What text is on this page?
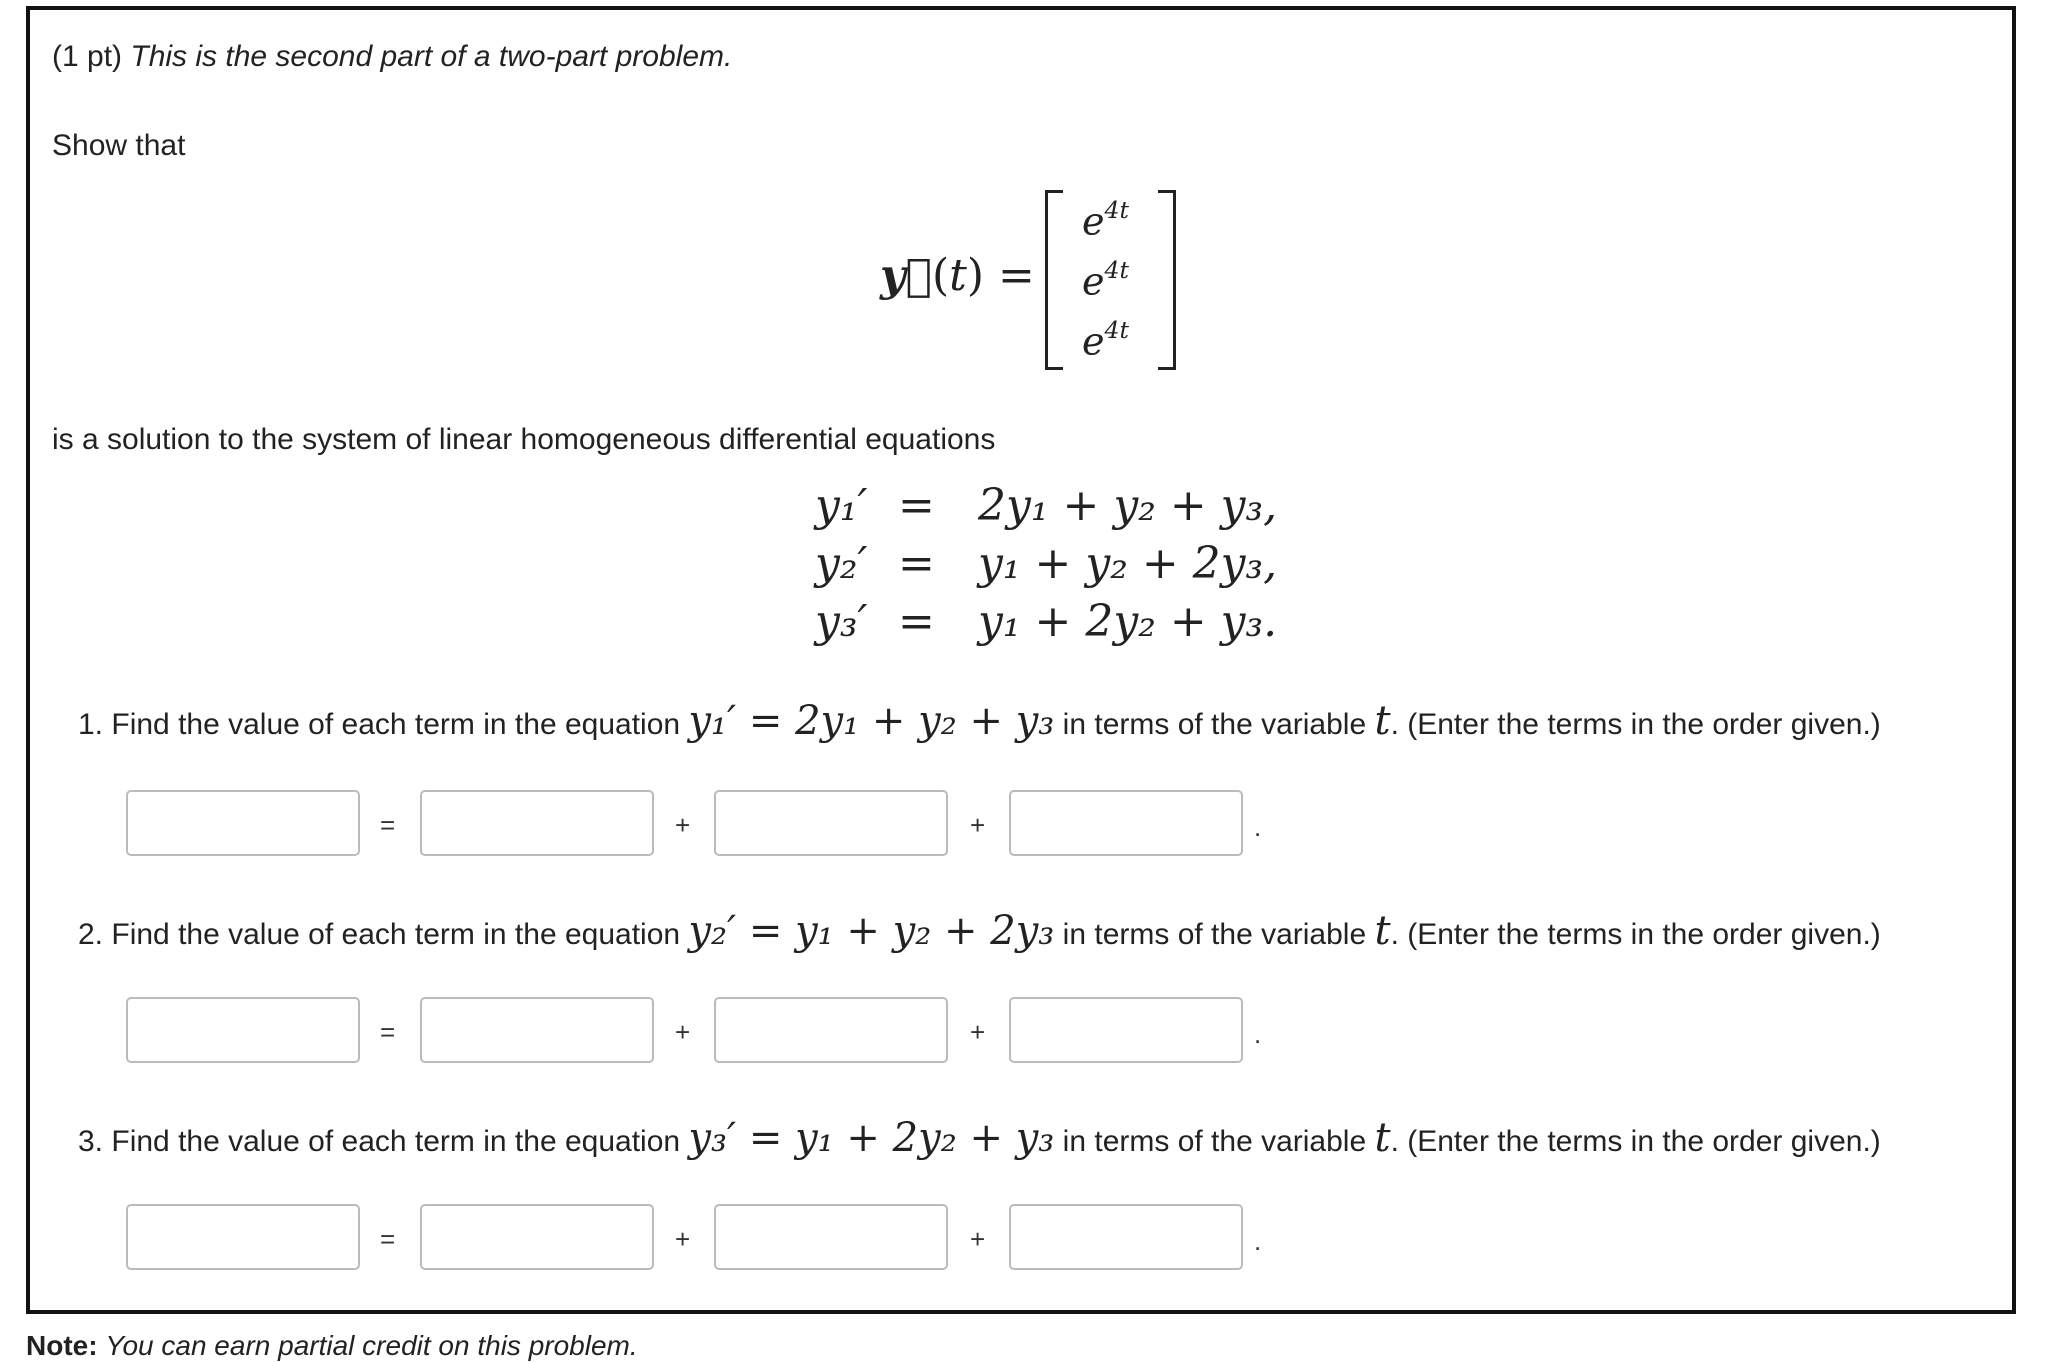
(1 pt) This is the second part of a two-part problem.
Show that
y⃗(t) =
$e^{4t}$
$e^{4t}$
$e^{4t}$
is a solution to the system of linear homogeneous differential equations
y₁′ = 2y₁ + y₂ + y₃,
y₂′ = y₁ + y₂ + 2y₃,
y₃′ = y₁ + 2y₂ + y₃.
1. Find the value of each term in the equation y₁′ = 2y₁ + y₂ + y₃ in terms of the variable t. (Enter the terms in the order given.)
=	+	+	.
2. Find the value of each term in the equation y₂′ = y₁ + y₂ + 2y₃ in terms of the variable t. (Enter the terms in the order given.)
=	+	+	.
3. Find the value of each term in the equation y₃′ = y₁ + 2y₂ + y₃ in terms of the variable t. (Enter the terms in the order given.)
=	+	+	.
Note: You can earn partial credit on this problem.
